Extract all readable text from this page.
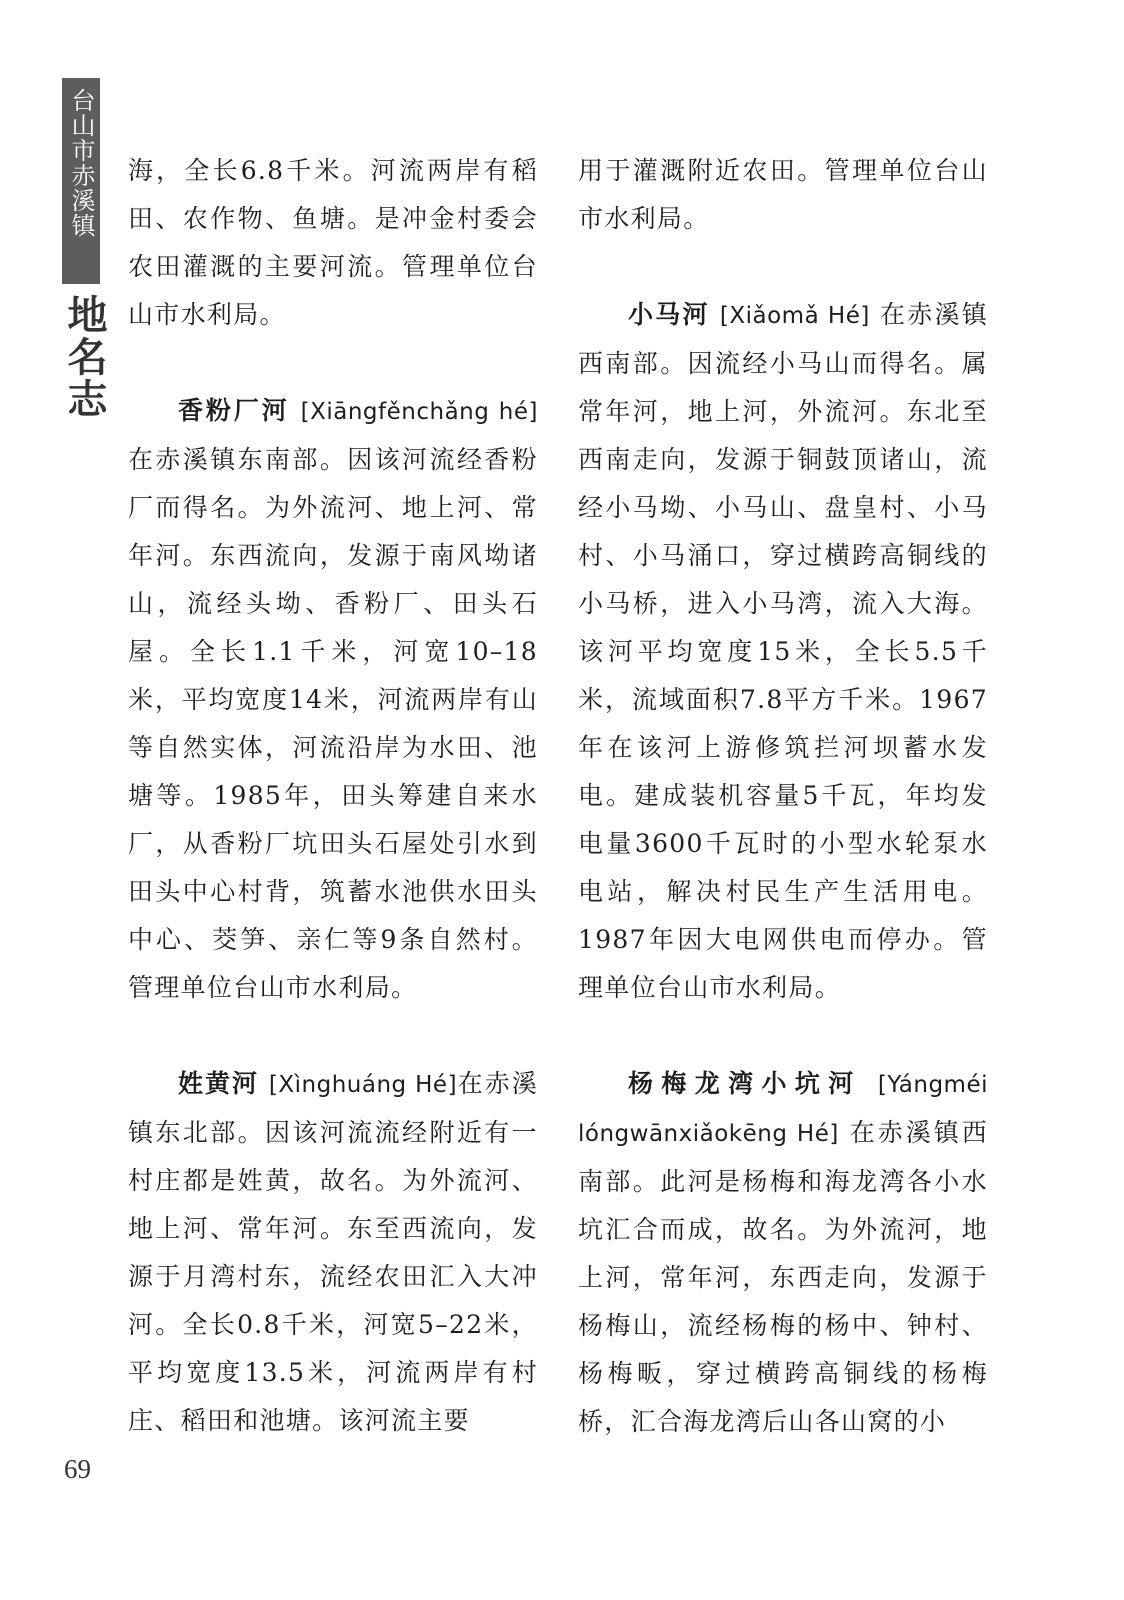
台山市赤溪镇
地名志

海，全长6.8千米。河流两岸有稻田、农作物、鱼塘。是冲金村委会农田灌溉的主要河流。管理单位台山市水利局。

香粉厂河 [Xiāngfěnchǎng hé] 在赤溪镇东南部。因该河流经香粉厂而得名。为外流河、地上河、常年河。东西流向，发源于南风坳诸山，流经头坳、香粉厂、田头石屋。全长1.1千米，河宽10–18米，平均宽度14米，河流两岸有山等自然实体，河流沿岸为水田、池塘等。1985年，田头筹建自来水厂，从香粉厂坑田头石屋处引水到田头中心村背，筑蓄水池供水田头中心、茭笋、亲仁等9条自然村。管理单位台山市水利局。

姓黄河 [Xìnghuáng Hé]在赤溪镇东北部。因该河流流经附近有一村庄都是姓黄，故名。为外流河、地上河、常年河。东至西流向，发源于月湾村东，流经农田汇入大冲河。全长0.8千米，河宽5–22米，平均宽度13.5米，河流两岸有村庄、稻田和池塘。该河流主要

用于灌溉附近农田。管理单位台山市水利局。

小马河 [Xiǎomǎ Hé] 在赤溪镇西南部。因流经小马山而得名。属常年河，地上河，外流河。东北至西南走向，发源于铜鼓顶诸山，流经小马坳、小马山、盘皇村、小马村、小马涌口，穿过横跨高铜线的小马桥，进入小马湾，流入大海。该河平均宽度15米，全长5.5千米，流域面积7.8平方千米。1967年在该河上游修筑拦河坝蓄水发电。建成装机容量5千瓦，年均发电量3600千瓦时的小型水轮泵水电站，解决村民生产生活用电。1987年因大电网供电而停办。管理单位台山市水利局。

杨梅龙湾小坑河 [Yángméi lóngwānxiǎokēng Hé] 在赤溪镇西南部。此河是杨梅和海龙湾各小水坑汇合而成，故名。为外流河，地上河，常年河，东西走向，发源于杨梅山，流经杨梅的杨中、钟村、杨梅畈，穿过横跨高铜线的杨梅桥，汇合海龙湾后山各山窝的小

69
